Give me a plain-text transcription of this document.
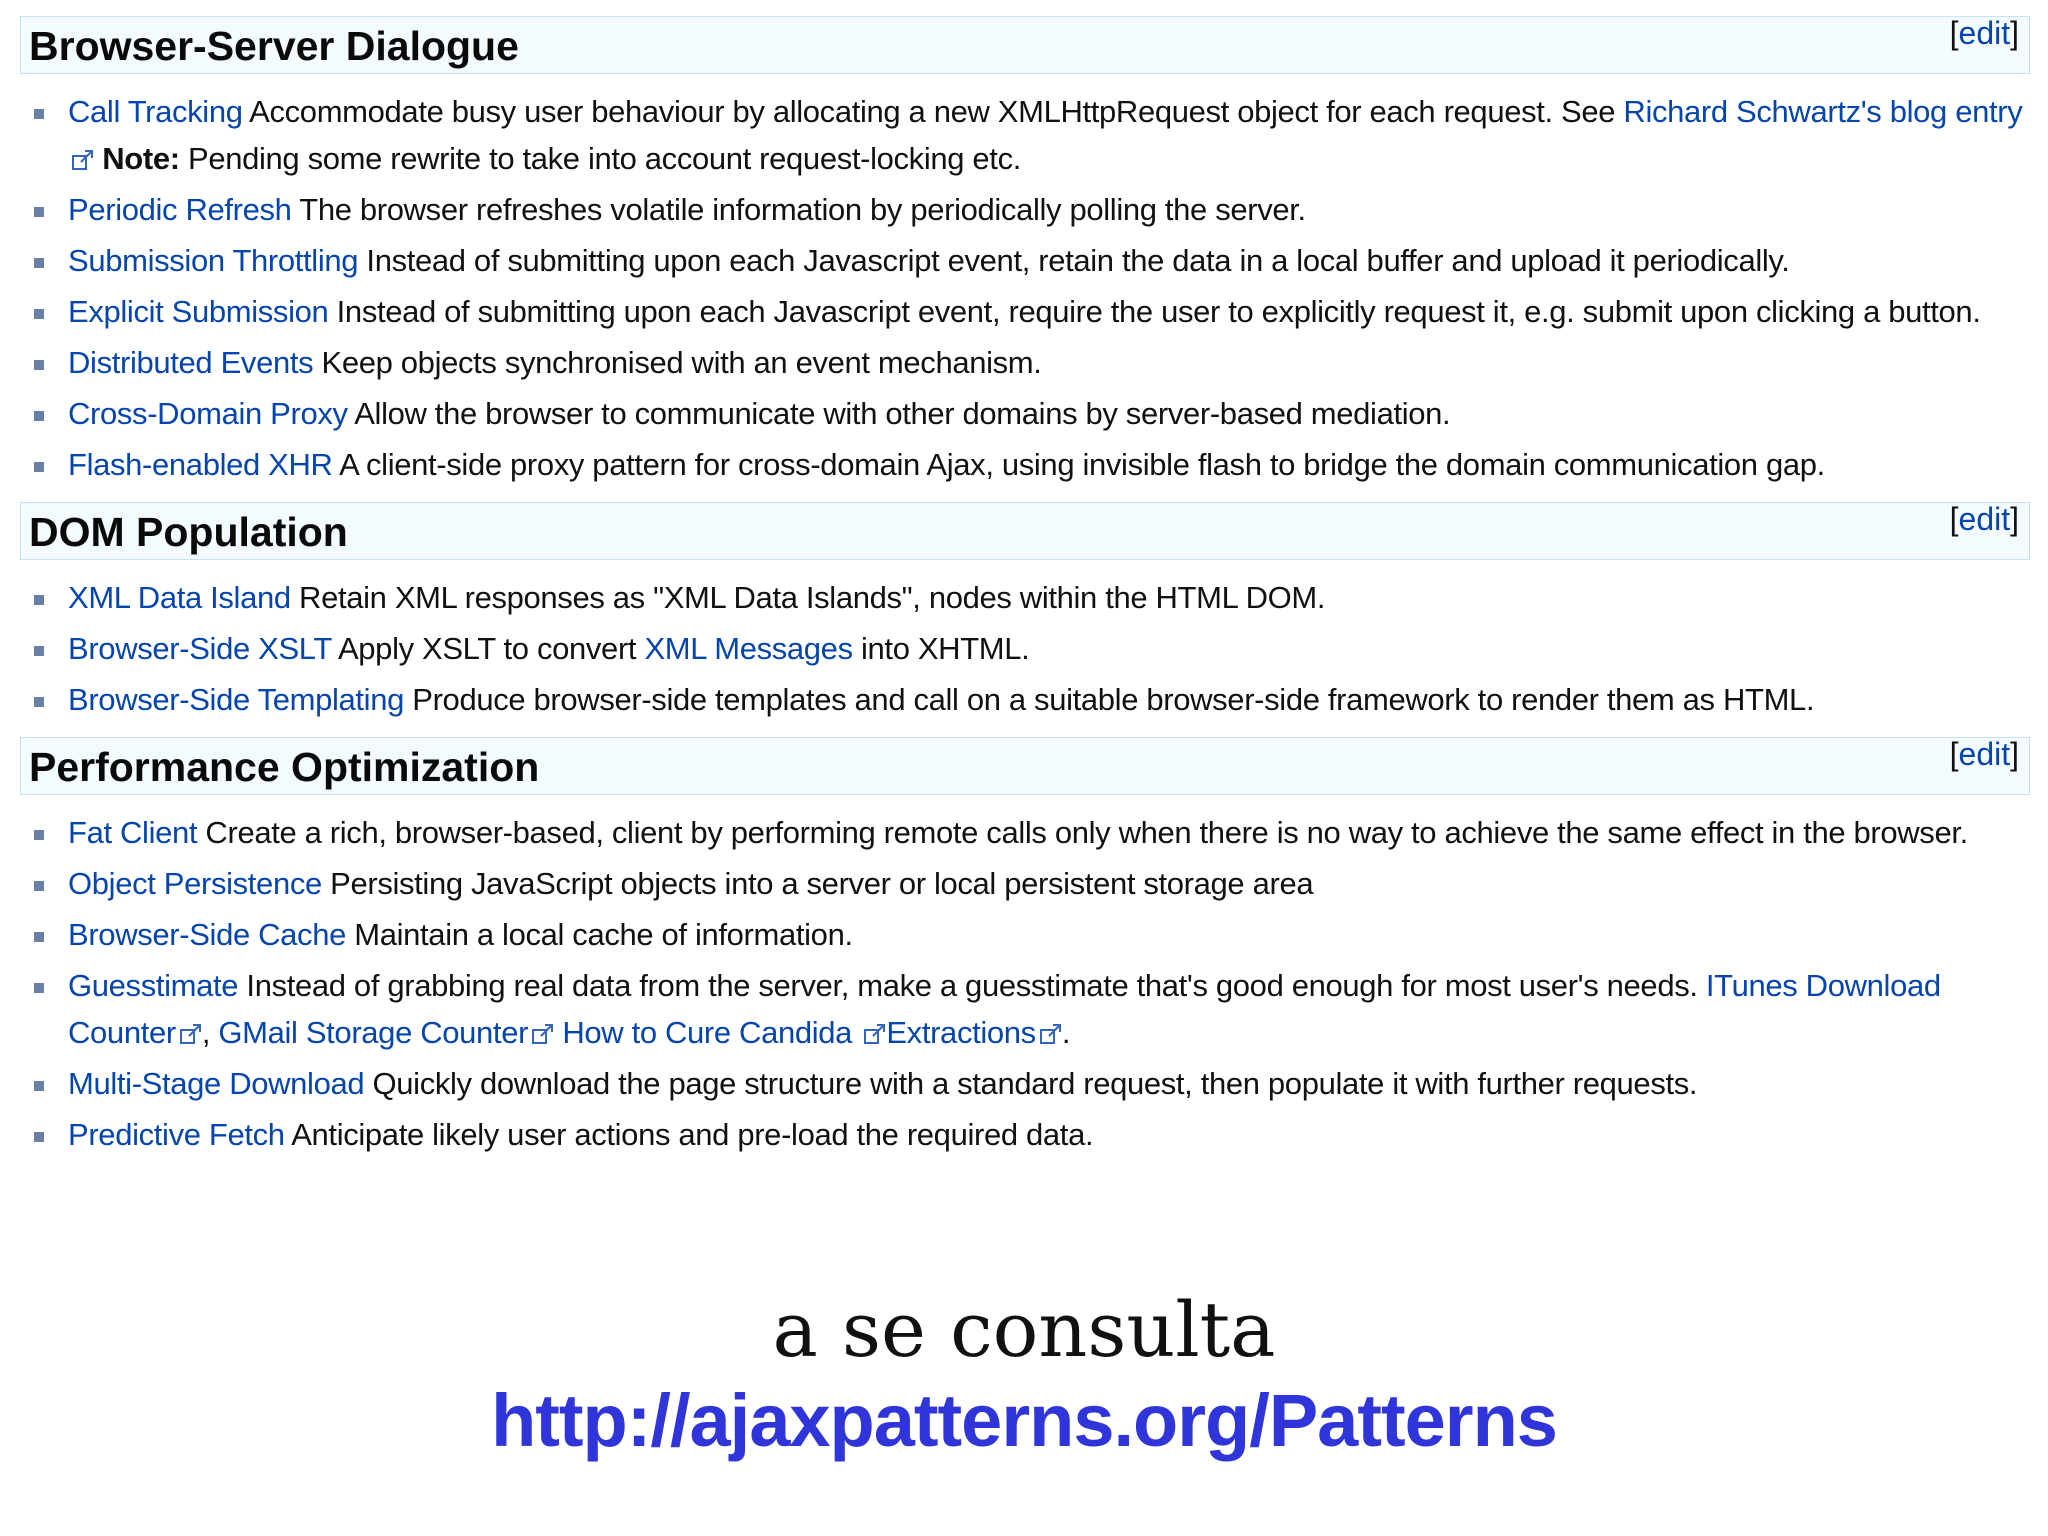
Browser-Server Dialogue	[edit]
Call Tracking Accommodate busy user behaviour by allocating a new XMLHttpRequest object for each request. See Richard Schwartz's blog entry Note: Pending some rewrite to take into account request-locking etc.
Periodic Refresh The browser refreshes volatile information by periodically polling the server.
Submission Throttling Instead of submitting upon each Javascript event, retain the data in a local buffer and upload it periodically.
Explicit Submission Instead of submitting upon each Javascript event, require the user to explicitly request it, e.g. submit upon clicking a button.
Distributed Events Keep objects synchronised with an event mechanism.
Cross-Domain Proxy Allow the browser to communicate with other domains by server-based mediation.
Flash-enabled XHR A client-side proxy pattern for cross-domain Ajax, using invisible flash to bridge the domain communication gap.
DOM Population	[edit]
XML Data Island Retain XML responses as "XML Data Islands", nodes within the HTML DOM.
Browser-Side XSLT Apply XSLT to convert XML Messages into XHTML.
Browser-Side Templating Produce browser-side templates and call on a suitable browser-side framework to render them as HTML.
Performance Optimization	[edit]
Fat Client Create a rich, browser-based, client by performing remote calls only when there is no way to achieve the same effect in the browser.
Object Persistence Persisting JavaScript objects into a server or local persistent storage area
Browser-Side Cache Maintain a local cache of information.
Guesstimate Instead of grabbing real data from the server, make a guesstimate that's good enough for most user's needs. ITunes Download Counter , GMail Storage Counter How to Cure Candida Extractions .
Multi-Stage Download Quickly download the page structure with a standard request, then populate it with further requests.
Predictive Fetch Anticipate likely user actions and pre-load the required data.
a se consulta
http://ajaxpatterns.org/Patterns
